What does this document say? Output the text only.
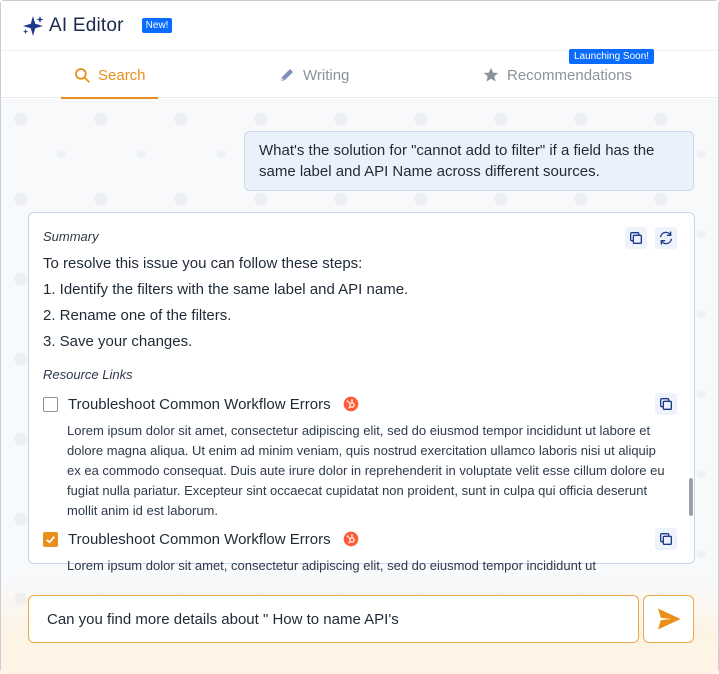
AI Editor	New!
Search	Writing	Recommendations
Launching Soon!
What's the solution for "cannot add to filter" if a field has the same label and API Name across different sources.
Summary
To resolve this issue you can follow these steps:
1. Identify the filters with the same label and API name.
2. Rename one of the filters.
3. Save your changes.
Resource Links
Troubleshoot Common Workflow Errors
Lorem ipsum dolor sit amet, consectetur adipiscing elit, sed do eiusmod tempor incididunt ut labore et dolore magna aliqua. Ut enim ad minim veniam, quis nostrud exercitation ullamco laboris nisi ut aliquip ex ea commodo consequat. Duis aute irure dolor in reprehenderit in voluptate velit esse cillum dolore eu fugiat nulla pariatur. Excepteur sint occaecat cupidatat non proident, sunt in culpa qui officia deserunt mollit anim id est laborum.
Troubleshoot Common Workflow Errors
Lorem ipsum dolor sit amet, consectetur adipiscing elit, sed do eiusmod tempor incididunt ut
Can you find more details about " How to name API's
